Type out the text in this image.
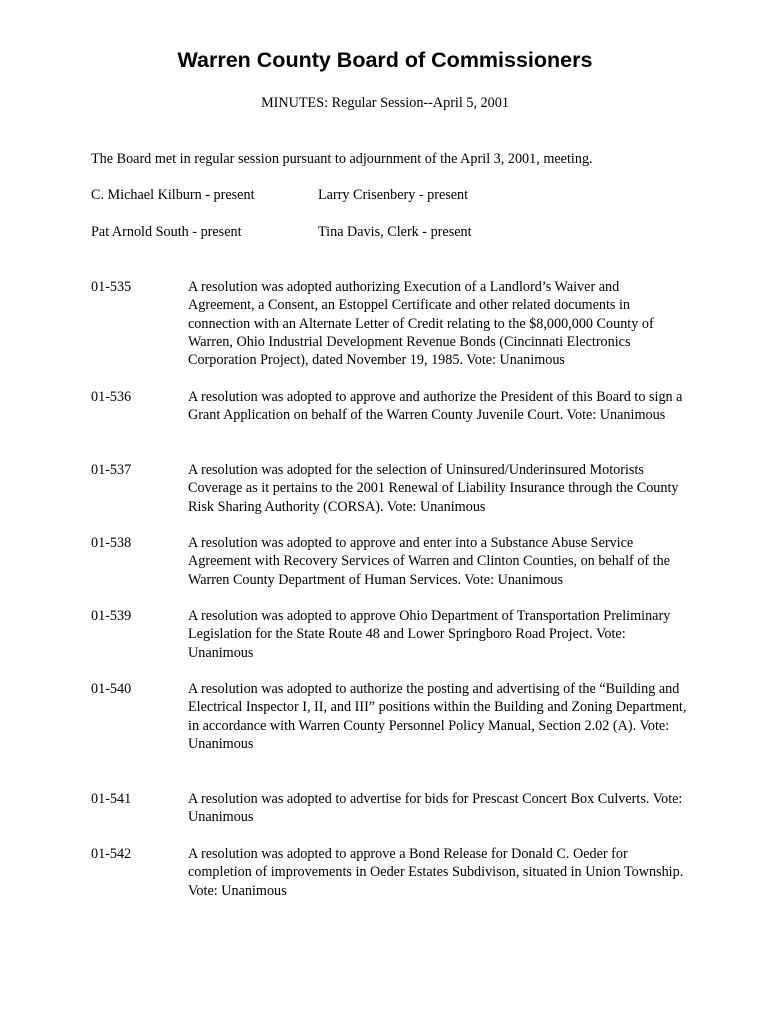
Warren County Board of Commissioners
MINUTES: Regular Session--April 5, 2001
The Board met in regular session pursuant to adjournment of the April 3, 2001, meeting.
C. Michael Kilburn - present	Larry Crisenbery - present
Pat Arnold South - present	Tina Davis, Clerk - present
01-535	A resolution was adopted authorizing Execution of a Landlord’s Waiver and Agreement, a Consent, an Estoppel Certificate and other related documents in connection with an Alternate Letter of Credit relating to the $8,000,000 County of Warren, Ohio Industrial Development Revenue Bonds (Cincinnati Electronics Corporation Project), dated November 19, 1985. Vote: Unanimous
01-536	A resolution was adopted to approve and authorize the President of this Board to sign a Grant Application on behalf of the Warren County Juvenile Court. Vote: Unanimous
01-537	A resolution was adopted for the selection of Uninsured/Underinsured Motorists Coverage as it pertains to the 2001 Renewal of Liability Insurance through the County Risk Sharing Authority (CORSA). Vote: Unanimous
01-538	A resolution was adopted to approve and enter into a Substance Abuse Service Agreement with Recovery Services of Warren and Clinton Counties, on behalf of the Warren County Department of Human Services. Vote: Unanimous
01-539	A resolution was adopted to approve Ohio Department of Transportation Preliminary Legislation for the State Route 48 and Lower Springboro Road Project. Vote: Unanimous
01-540	A resolution was adopted to authorize the posting and advertising of the “Building and Electrical Inspector I, II, and III” positions within the Building and Zoning Department, in accordance with Warren County Personnel Policy Manual, Section 2.02 (A). Vote: Unanimous
01-541	A resolution was adopted to advertise for bids for Prescast Concert Box Culverts. Vote: Unanimous
01-542	A resolution was adopted to approve a Bond Release for Donald C. Oeder for completion of improvements in Oeder Estates Subdivison, situated in Union Township. Vote: Unanimous
